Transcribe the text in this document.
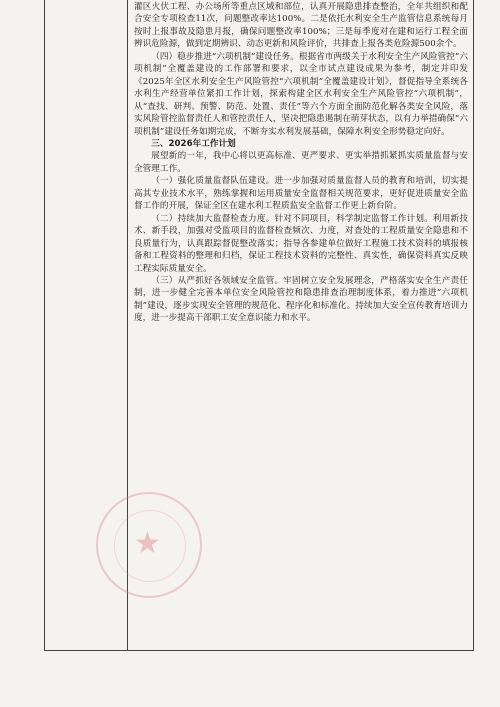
灌区火伏工程、办公场所等重点区域和部位，认真开展隐患排查整治，全年共组织和配合安全专项检查11次，问题整改率达100%。二是依托水利安全生产监管信息系统每月按时上报事故及隐患月报，确保问题整改率100%；三是每季度对在建和运行工程全面辨识危险源，做到定期辨识、动态更新和风险评价，共排查上报各类危险源500余个。

（四）稳步推进“六项机制”建设任务。根据省市两级关于水利安全生产风险管控“六项机制”全覆盖建设的工作部署和要求，以全市试点建设成果为参考，制定并印发《2025年全区水利安全生产风险管控“六项机制”全覆盖建设计划》，督促指导全系统各水利生产经营单位紧扣工作计划，探索构建全区水利安全生产风险管控“六项机制”，从“查找、研判、预警、防范、处置、责任”等六个方面全面防范化解各类安全风险，落实风险管控监督责任人和管控责任人，坚决把隐患遏制在萌芽状态，以有力举措确保“六项机制”建设任务如期完成，不断夯实水利发展基础，保障水利安全形势稳定向好。

三、2026年工作计划

展望新的一年，我中心将以更高标准、更严要求、更实举措抓紧抓实质量监督与安全管理工作。

（一）强化质量监督队伍建设。进一步加强对质量监督人员的教育和培训，切实提高其专业技术水平，熟练掌握和运用质量安全监督相关规范要求，更好促进质量安全监督工作的开展，保证全区在建水利工程质监安全监督工作更上新台阶。

（二）持续加大监督检查力度。针对不同项目，科学制定监督工作计划。利用新技术、新手段，加强对受监项目的监督检查频次、力度，对查处的工程质量安全隐患和不良质量行为，认真跟踪督促整改落实；指导各参建单位做好工程施工技术资料的填报核备和工程资料的整理和归档，保证工程技术资料的完整性、真实性，确保资料真实反映工程实际质量安全。

（三）从严抓好各领域安全监管。牢固树立安全发展理念，严格落实安全生产责任制，进一步健全完善本单位安全风险管控和隐患排查治理制度体系，着力推进“六项机制”建设，逐步实现安全管理的规范化、程序化和标准化。持续加大安全宣传教育培训力度，进一步提高干部职工安全意识能力和水平。

★
